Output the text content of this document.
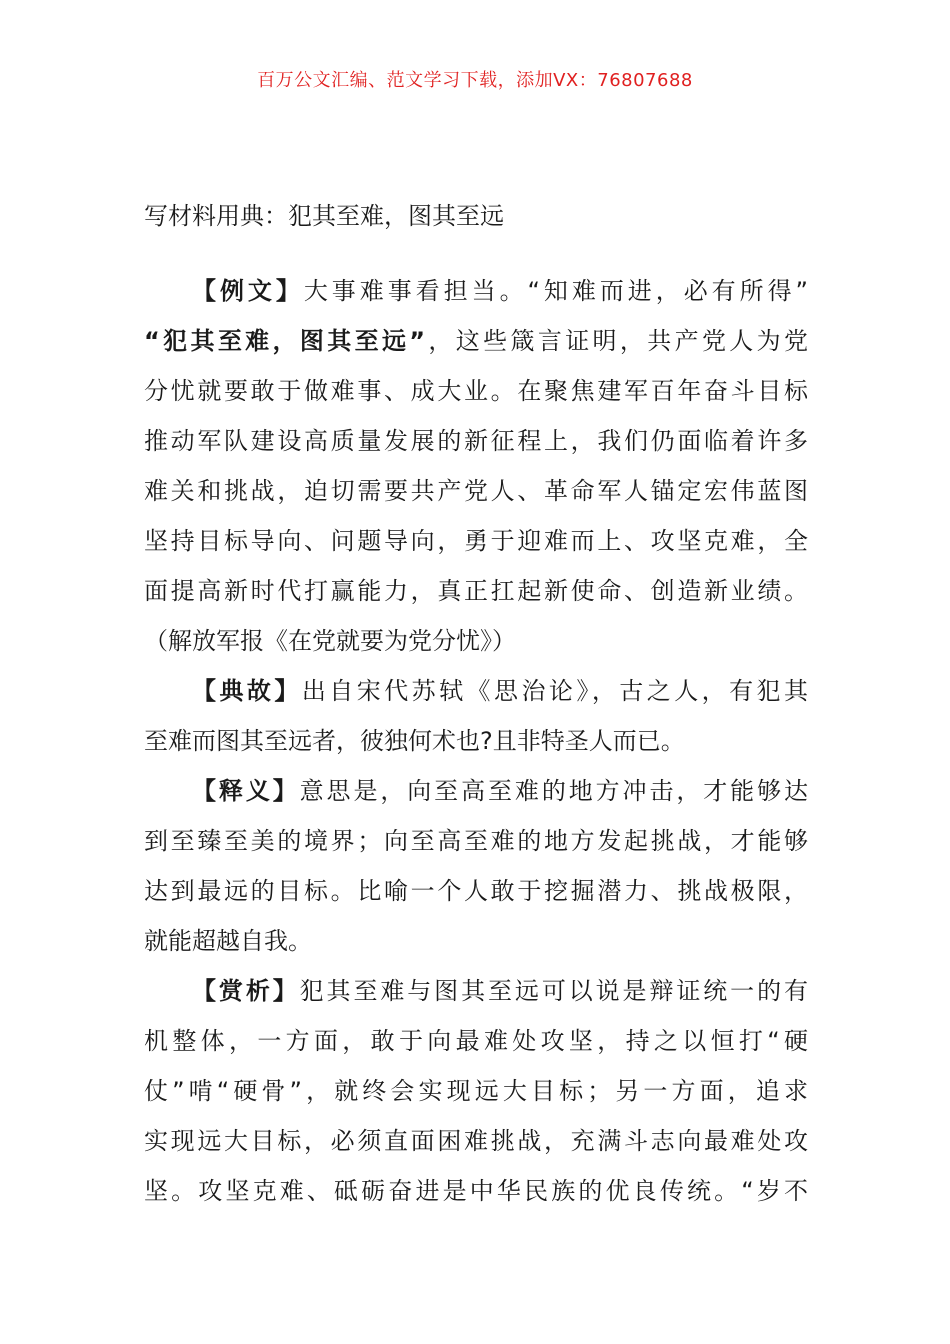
百万公文汇编、范文学习下载，添加VX：76807688
写材料用典：犯其至难，图其至远
【例文】大事难事看担当。“知难而进，必有所得”
“犯其至难，图其至远”，这些箴言证明，共产党人为党
分忧就要敢于做难事、成大业。在聚焦建军百年奋斗目标
推动军队建设高质量发展的新征程上，我们仍面临着许多
难关和挑战，迫切需要共产党人、革命军人锚定宏伟蓝图
坚持目标导向、问题导向，勇于迎难而上、攻坚克难，全
面提高新时代打赢能力，真正扛起新使命、创造新业绩。
（解放军报《在党就要为党分忧》）
【典故】出自宋代苏轼《思治论》，古之人，有犯其
至难而图其至远者，彼独何术也?且非特圣人而已。
【释义】意思是，向至高至难的地方冲击，才能够达
到至臻至美的境界；向至高至难的地方发起挑战，才能够
达到最远的目标。比喻一个人敢于挖掘潜力、挑战极限，
就能超越自我。
【赏析】犯其至难与图其至远可以说是辩证统一的有
机整体，一方面，敢于向最难处攻坚，持之以恒打“硬
仗”啃“硬骨”，就终会实现远大目标；另一方面，追求
实现远大目标，必须直面困难挑战，充满斗志向最难处攻
坚。攻坚克难、砥砺奋进是中华民族的优良传统。“岁不
